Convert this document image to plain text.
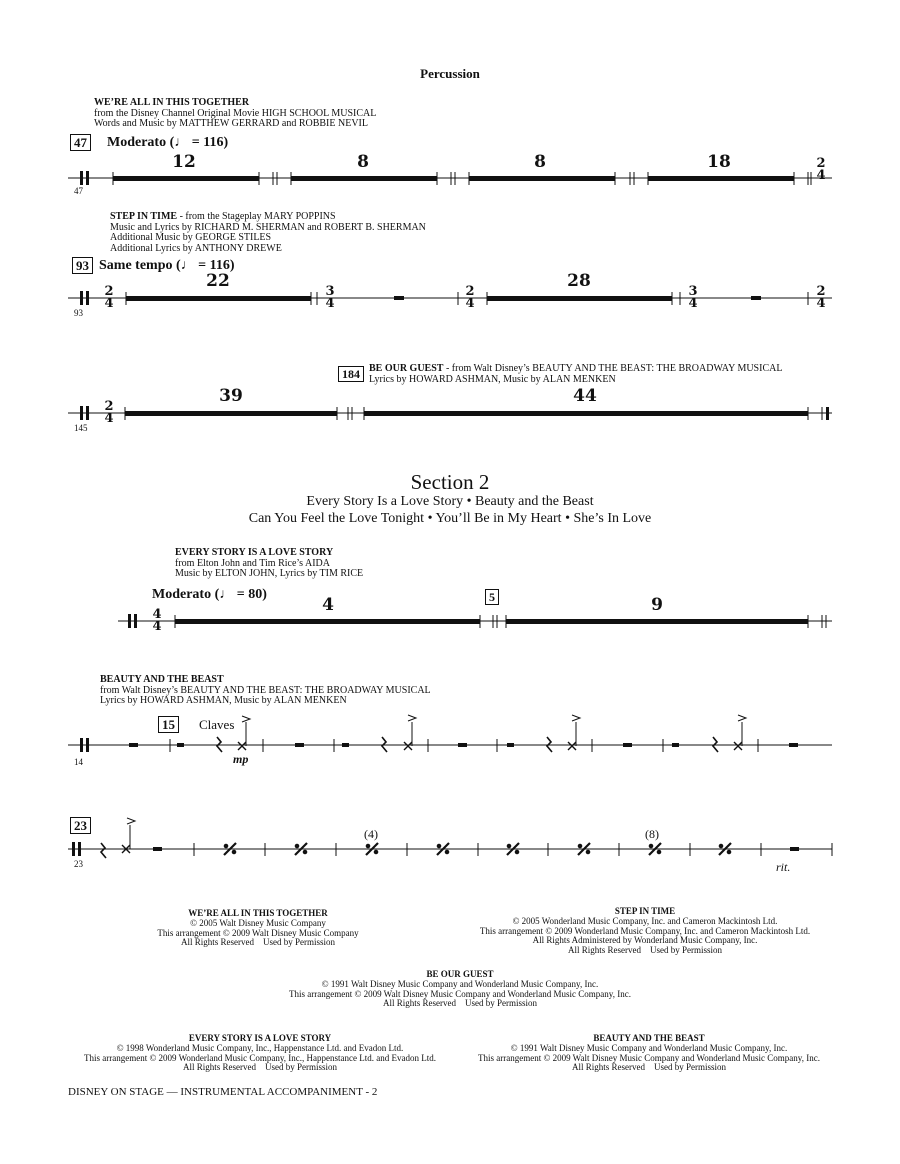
Percussion
WE’RE ALL IN THIS TOGETHER
from the Disney Channel Original Movie HIGH SCHOOL MUSICAL
Words and Music by MATTHEW GERRARD and ROBBIE NEVIL
47 Moderato (♩ = 116)
47
12	8	8	18	2
4
STEP IN TIME - from the Stageplay MARY POPPINS
Music and Lyrics by RICHARD M. SHERMAN and ROBERT B. SHERMAN
Additional Music by GEORGE STILES
Additional Lyrics by ANTHONY DREWE
93 Same tempo (♩ = 116)
93
2
4
22
3
4
2
4
28
3
4
2
4
184 BE OUR GUEST - from Walt Disney’s BEAUTY AND THE BEAST: THE BROADWAY MUSICAL
Lyrics by HOWARD ASHMAN, Music by ALAN MENKEN
145
2
4
39	44
Section 2
Every Story Is a Love Story • Beauty and the Beast
Can You Feel the Love Tonight • You’ll Be in My Heart • She’s In Love
EVERY STORY IS A LOVE STORY
from Elton John and Tim Rice’s AIDA
Music by ELTON JOHN, Lyrics by TIM RICE
Moderato (♩ = 80)	5
4
4
4	9
BEAUTY AND THE BEAST
from Walt Disney’s BEAUTY AND THE BEAST: THE BROADWAY MUSICAL
Lyrics by HOWARD ASHMAN, Music by ALAN MENKEN
15	Claves
mp
14
23
23
(4)	(8)
rit.
WE’RE ALL IN THIS TOGETHER
© 2005 Walt Disney Music Company
This arrangement © 2009 Walt Disney Music Company
All Rights Reserved    Used by Permission
STEP IN TIME
© 2005 Wonderland Music Company, Inc. and Cameron Mackintosh Ltd.
This arrangement © 2009 Wonderland Music Company, Inc. and Cameron Mackintosh Ltd.
All Rights Administered by Wonderland Music Company, Inc.
All Rights Reserved    Used by Permission
BE OUR GUEST
© 1991 Walt Disney Music Company and Wonderland Music Company, Inc.
This arrangement © 2009 Walt Disney Music Company and Wonderland Music Company, Inc.
All Rights Reserved    Used by Permission
EVERY STORY IS A LOVE STORY
© 1998 Wonderland Music Company, Inc., Happenstance Ltd. and Evadon Ltd.
This arrangement © 2009 Wonderland Music Company, Inc., Happenstance Ltd. and Evadon Ltd.
All Rights Reserved    Used by Permission
BEAUTY AND THE BEAST
© 1991 Walt Disney Music Company and Wonderland Music Company, Inc.
This arrangement © 2009 Walt Disney Music Company and Wonderland Music Company, Inc.
All Rights Reserved    Used by Permission
DISNEY ON STAGE — INSTRUMENTAL ACCOMPANIMENT - 2
